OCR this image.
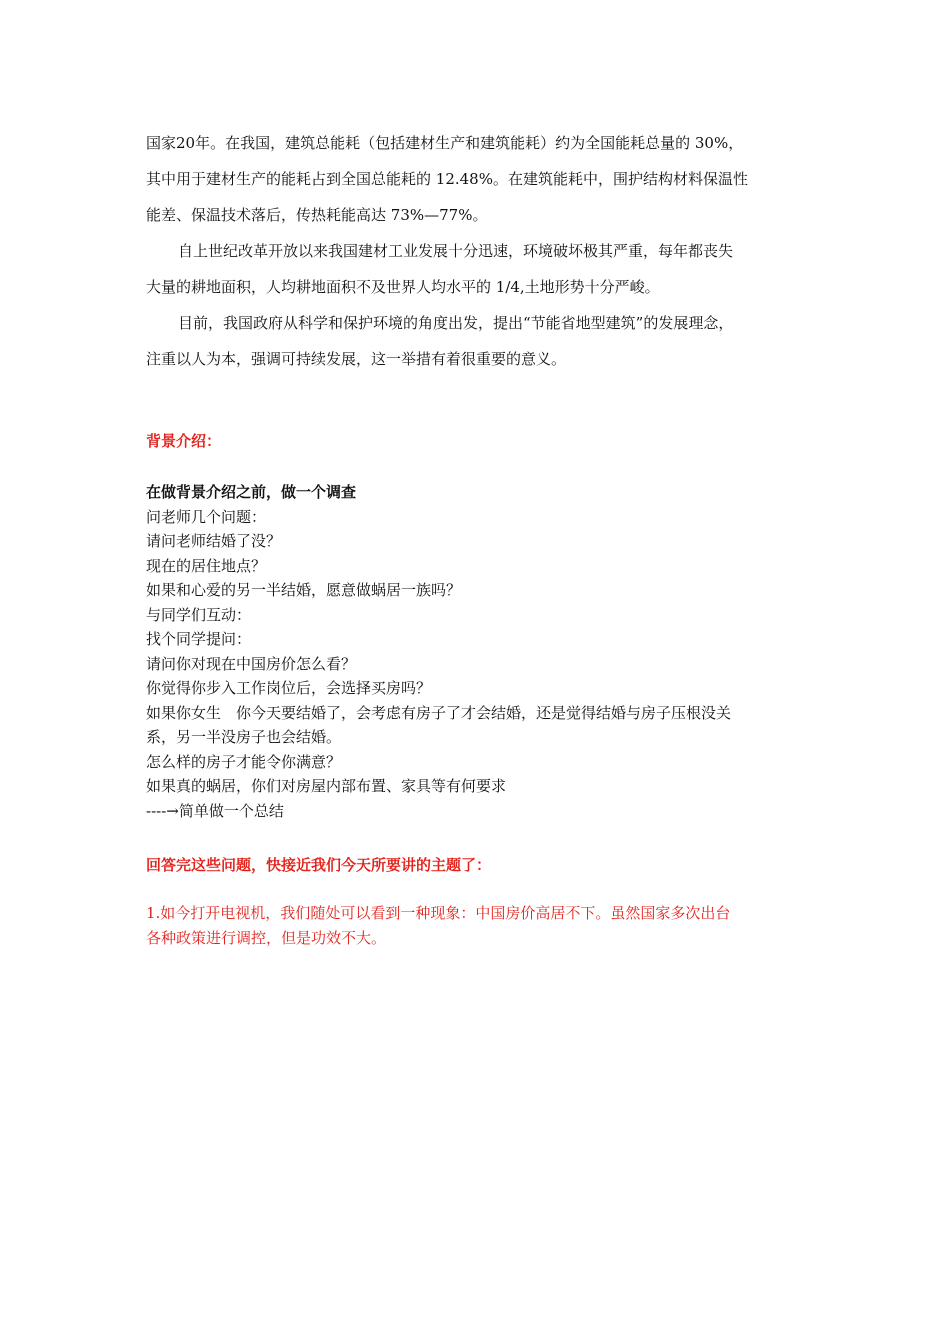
国家20年。在我国，建筑总能耗（包括建材生产和建筑能耗）约为全国能耗总量的 30%，
其中用于建材生产的能耗占到全国总能耗的 12.48%。在建筑能耗中，围护结构材料保温性
能差、保温技术落后，传热耗能高达 73%—77%。
自上世纪改革开放以来我国建材工业发展十分迅速，环境破坏极其严重，每年都丧失
大量的耕地面积，人均耕地面积不及世界人均水平的 1/4,土地形势十分严峻。
目前，我国政府从科学和保护环境的角度出发，提出“节能省地型建筑”的发展理念，
注重以人为本，强调可持续发展，这一举措有着很重要的意义。
背景介绍：
在做背景介绍之前，做一个调查
问老师几个问题：
请问老师结婚了没？
现在的居住地点？
如果和心爱的另一半结婚，愿意做蜗居一族吗？
与同学们互动：
找个同学提问：
请问你对现在中国房价怎么看？
你觉得你步入工作岗位后，会选择买房吗？
如果你女生　你今天要结婚了，会考虑有房子了才会结婚，还是觉得结婚与房子压根没关
系，另一半没房子也会结婚。
怎么样的房子才能令你满意？
如果真的蜗居，你们对房屋内部布置、家具等有何要求
----→简单做一个总结
回答完这些问题，快接近我们今天所要讲的主题了：
1.如今打开电视机，我们随处可以看到一种现象：中国房价高居不下。虽然国家多次出台
各种政策进行调控，但是功效不大。
